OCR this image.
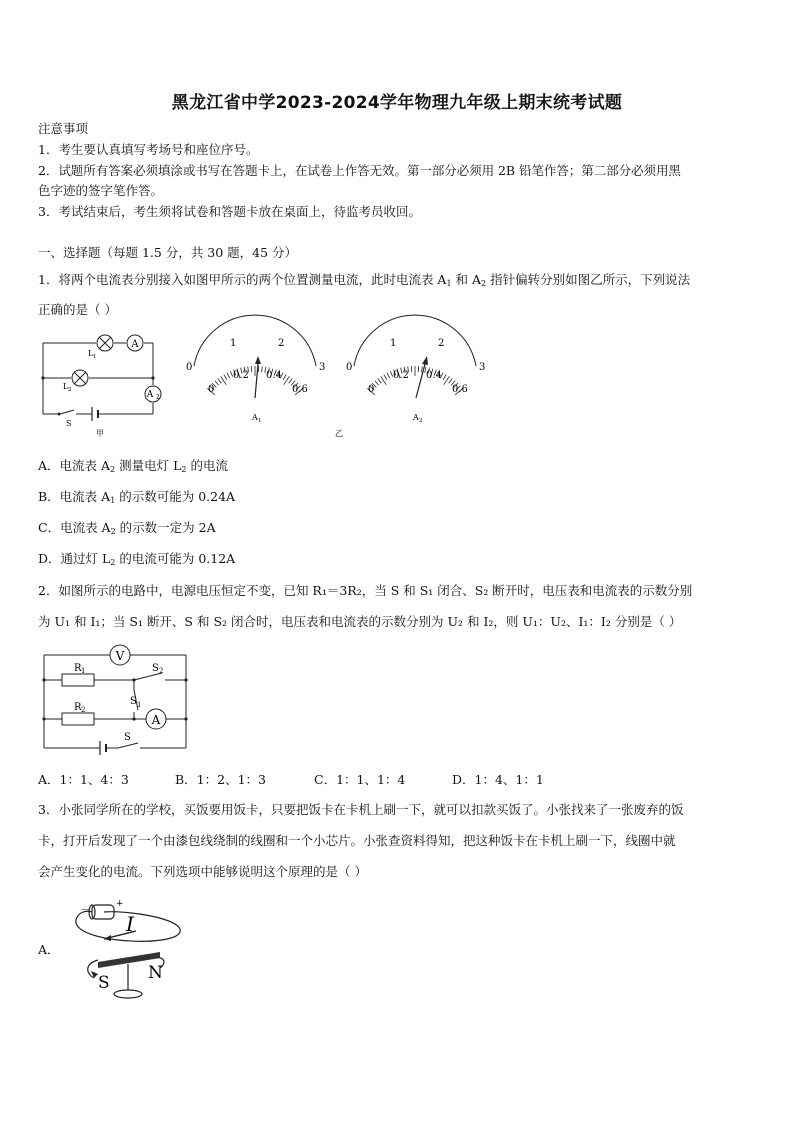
黑龙江省中学2023-2024学年物理九年级上期末统考试题
注意事项
1．考生要认真填写考场号和座位序号。
2．试题所有答案必须填涂或书写在答题卡上，在试卷上作答无效。第一部分必须用 2B 铅笔作答；第二部分必须用黑
色字迹的签字笔作答。
3．考试结束后，考生须将试卷和答题卡放在桌面上，待监考员收回。
一、选择题（每题 1.5 分，共 30 题，45 分）
1．将两个电流表分别接入如图甲所示的两个位置测量电流，此时电流表 $A_1$ 和 $A_2$ 指针偏转分别如图乙所示，下列说法
正确的是（ ）
A
A 2
L 1
L 2
S
甲
0
1	2
3
0
0.2 0.4
0.6
A 1
0
1	2
3
0
0.2 0.4
0.6
A 2
乙
A．电流表 $A_2$ 测量电灯 $L_2$ 的电流
B．电流表 $A_1$ 的示数可能为 0.24A
C．电流表 $A_2$ 的示数一定为 2A
D．通过灯 $L_2$ 的电流可能为 0.12A
2．如图所示的电路中，电源电压恒定不变，已知 R₁＝3R₂，当 S 和 S₁ 闭合、S₂ 断开时，电压表和电流表的示数分别
为 U₁ 和 I₁；当 S₁ 断开、S 和 S₂ 闭合时，电压表和电流表的示数分别为 U₂ 和 I₂，则 U₁：U₂、I₁：I₂ 分别是（ ）
V
A
R 1
R 2
S 2
S 1
S
A．1：1、4：3	B．1：2、1：3	C．1：1、1：4	D．1：4、1：1
3．小张同学所在的学校，买饭要用饭卡，只要把饭卡在卡机上刷一下，就可以扣款买饭了。小张找来了一张废弃的饭
卡，打开后发现了一个由漆包线绕制的线圈和一个小芯片。小张查资料得知，把这种饭卡在卡机上刷一下，线圈中就
会产生变化的电流。下列选项中能够说明这个原理的是（ ）
A．
－	+
I
S N
